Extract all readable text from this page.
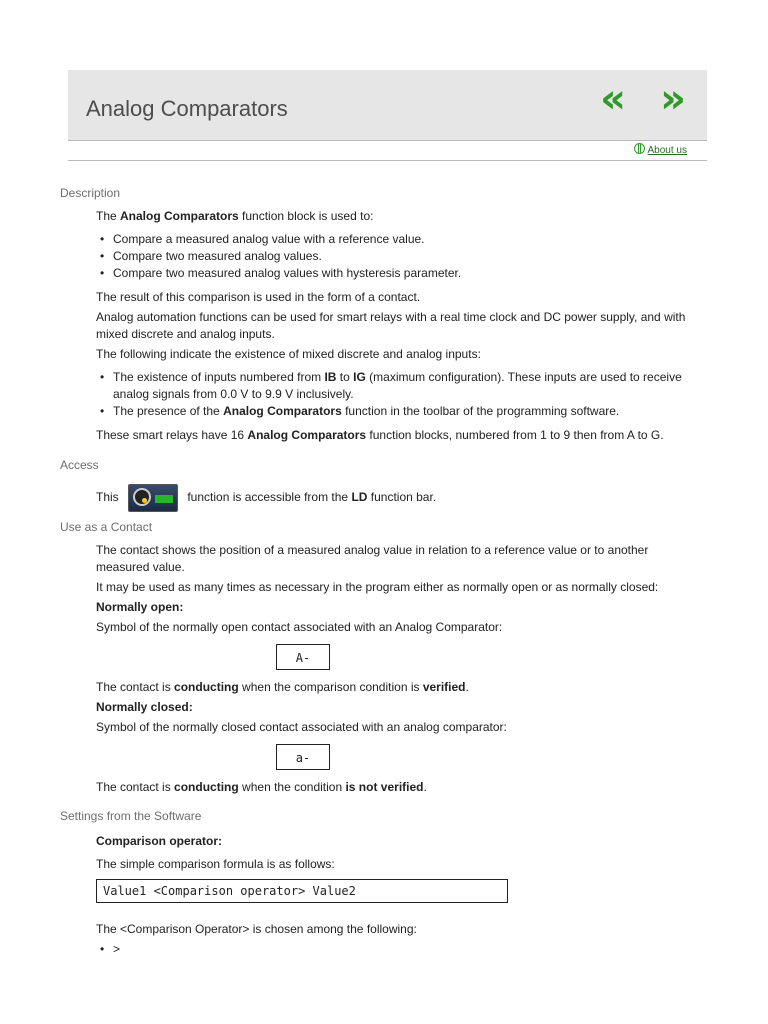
Analog Comparators	« »
About us
Description

The Analog Comparators function block is used to:

• Compare a measured analog value with a reference value.
• Compare two measured analog values.
• Compare two measured analog values with hysteresis parameter.

The result of this comparison is used in the form of a contact.

Analog automation functions can be used for smart relays with a real time clock and DC power supply, and with mixed discrete and analog inputs.

The following indicate the existence of mixed discrete and analog inputs:

• The existence of inputs numbered from IB to IG (maximum configuration). These inputs are used to receive analog signals from 0.0 V to 9.9 V inclusively.
• The presence of the Analog Comparators function in the toolbar of the programming software.

These smart relays have 16 Analog Comparators function blocks, numbered from 1 to 9 then from A to G.

Access

This	function is accessible from the LD function bar.

Use as a Contact

The contact shows the position of a measured analog value in relation to a reference value or to another measured value.

It may be used as many times as necessary in the program either as normally open or as normally closed:

Normally open:

Symbol of the normally open contact associated with an Analog Comparator:

A-

The contact is conducting when the comparison condition is verified.

Normally closed:

Symbol of the normally closed contact associated with an analog comparator:

a-

The contact is conducting when the condition is not verified.

Settings from the Software

Comparison operator:

The simple comparison formula is as follows:

Value1 <Comparison operator> Value2

The <Comparison Operator> is chosen among the following:

• >
